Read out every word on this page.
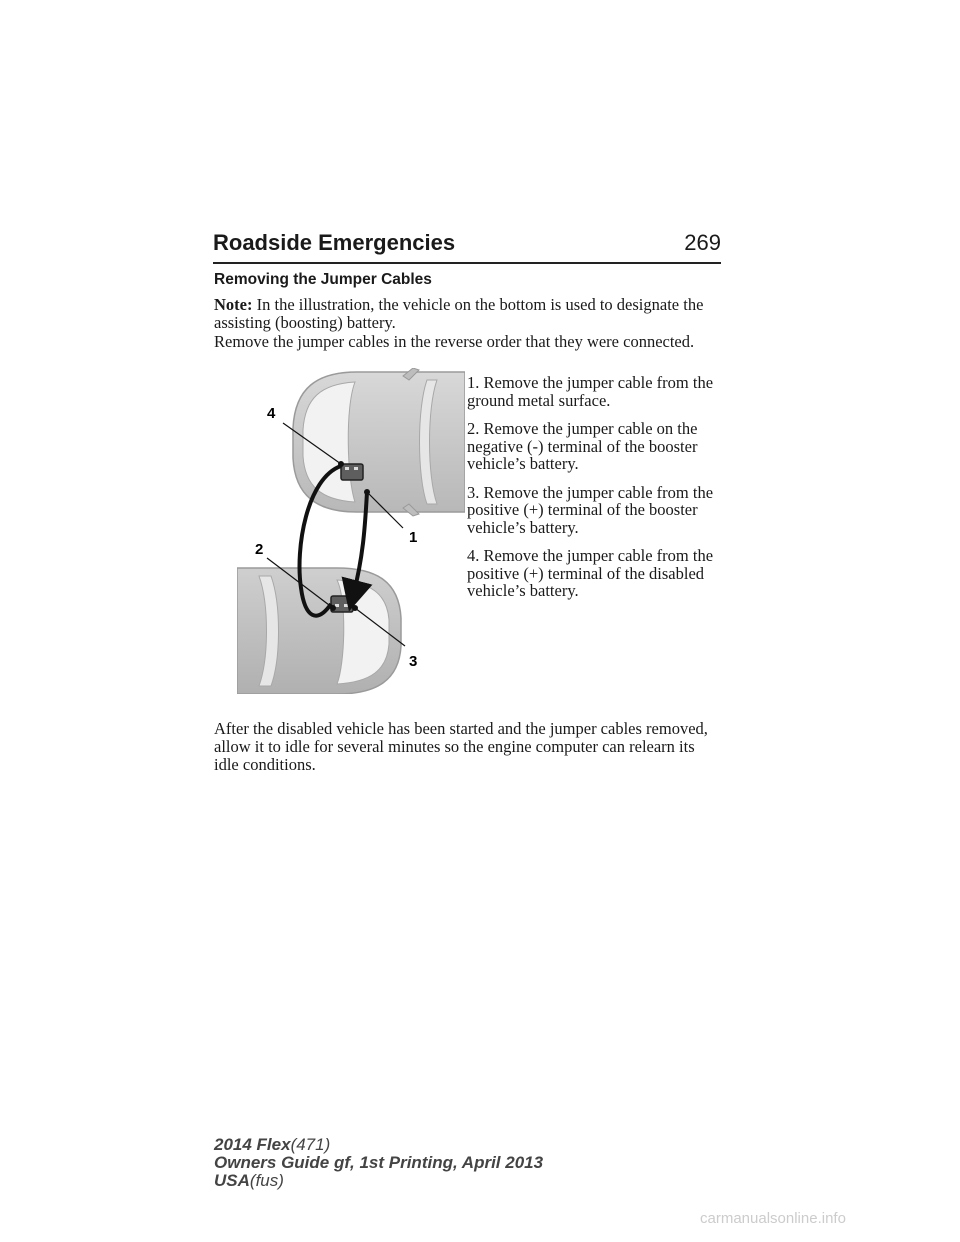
Roadside Emergencies	269
Removing the Jumper Cables
Note: In the illustration, the vehicle on the bottom is used to designate the assisting (boosting) battery.
Remove the jumper cables in the reverse order that they were connected.
4
1
2
3

1. Remove the jumper cable from the ground metal surface.

2. Remove the jumper cable on the negative (-) terminal of the booster vehicle’s battery.

3. Remove the jumper cable from the positive (+) terminal of the booster vehicle’s battery.

4. Remove the jumper cable from the positive (+) terminal of the disabled vehicle’s battery.

After the disabled vehicle has been started and the jumper cables removed, allow it to idle for several minutes so the engine computer can relearn its idle conditions.
2014 Flex(471)
Owners Guide gf, 1st Printing, April 2013
USA(fus)
carmanualsonline.info
